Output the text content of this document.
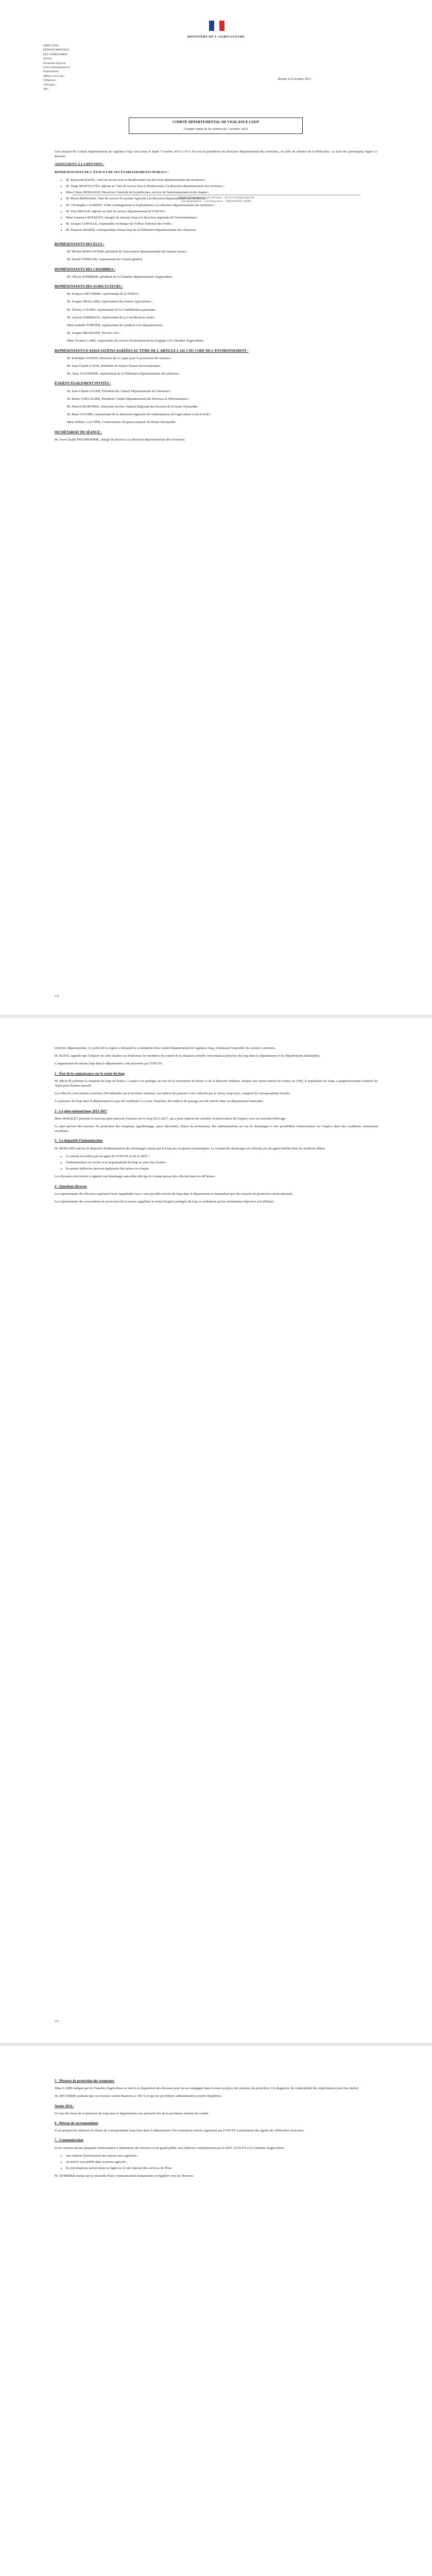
MINISTÈRE DE L'AGRICULTURE
DIRECTION
DÉPARTEMENTALE
DES TERRITOIRES
Service
Economie Agricole
Unité Aménagement et
Exploitations
Affaire suivie par :
Téléphone :
Télécopie :
Mél :
Rouen, le 8 octobre 2013
COMITÉ DÉPARTEMENTAL DE VIGILANCE LOUP
Compte-rendu de la réunion du 7 octobre 2013

Une réunion du Comité départemental de vigilance loup s'est tenue le lundi 7 octobre 2013 à 14 h 30 sous la présidence du directeur départemental des territoires, en salle de réunion de la Préfecture. La liste des participants figure ci-dessous.

ASSISTAIENT À LA RÉUNION :

REPRÉSENTANTS DE L'ÉTAT ET DE SES ÉTABLISSEMENTS PUBLICS :

• M. Raymond BAIOL, Chef du service Eau et Biodiversité à la direction départementale des territoires ;
• M. Serge MONTAUTIN, adjoint au Chef du service Eau et Biodiversité à la direction départementale des territoires ;
• Mme Claire DEMANGE, Directrice Générale de la préfecture, service de l'environnement et des risques ;
• M. Pierre BERNARD, Chef du service Economie Agricole à la direction départementale des territoires ;
• M. Christophe LAURENT, Unité Aménagement et Exploitations à la direction départementale des territoires ;
• M. Yves BRALIE, adjoint au chef du service départemental de l'ONCFS ;
• Mme Laurence BOSQUET, chargée de mission loup à la direction régionale de l'environnement ;
• M. Jacques LOPOLLE, responsable technique de l'Office National des Forêts ;
• M. François MARSE, correspondant réseau loup de la Fédération départementale des chasseurs.
Direction Départementale des Territoires – Service Economie Agricole
Cité administrative – 2 rue Saint-Sever – 76032 ROUEN CEDEX
REPRÉSENTANTS DES ÉLUS :

M. Michel BERNANTIER, président de l'association départementale des maires ruraux ;

M. Daniel FERRAND, représentant du Conseil général.

REPRÉSENTANTS DES CHAMBRES :

M. Olivier SOMMIER, président de la Chambre départementale d'agriculture.

REPRÉSENTANTS DES AGRICULTEURS :

M. François DECORME, représentant de la FDSEA ;

M. Jacques MOLLARD, représentant des Jeunes Agriculteurs ;

M. Thierry CAUSSE, représentant de la Confédération paysanne ;

M. Laurent EMMERAU, représentant de la Coordination rurale ;

Mme Isabelle PORTIER, représentant du syndicat ovin départemental ;

M. Jacques BRANLIER, éleveur ovin ;

Mme Yvonne LAMÉ, responsable du service Environnement-Ecologique à la Chambre d'agriculture.

REPRÉSENTANTS D'ASSOCIATIONS AGRÉÉES AU TITRE DE L'ARTICLE L 141-1 DU CODE DE L'ENVIRONNEMENT :

M. Rodolphe GOSSIN, Directeur de la Ligue pour la protection des oiseaux ;

M. Jean-Claude LOUIS, Président de France Nature Environnement ;

M. Alain NANTERRE, représentant de la Fédération départementale des pêcheurs.

ÉTAIENT ÉGALEMENT INVITÉS :

M. Jean-Claude LEGER, Président du Conseil Départemental de Chasseurs ;

M. Bruno CHEVALIER, Président Comité Départemental des Eleveurs et Sélectionneurs ;

M. Patrick MARTINEZ, Directeur du Parc Naturel Régional des Boucles de la Seine Normande ;

M. René VAUDRE, représentant de la Direction régionale de l'alimentation, de l'agriculture et de la forêt ;

Mme Hélène GAUTIER, Conservatoire d'espaces naturels de Haute-Normandie.

SECRÉTARIAT DE SÉANCE :

M. Jean-Claude PRUDHOMME, chargé de mission à la direction départementale des territoires.

1/5

territoire départemental. Le préfet de la région a demandé la constitution d'un comité départemental de vigilance loup, réunissant l'ensemble des acteurs concernés.

M. BAIOL rappelle que l'objectif de cette réunion est d'informer les membres du comité de la situation actuelle concernant la présence du loup dans le département et les départements limitrophes.

L'organisation du réseau loup dans le département a été présentée par l'ONCFS.

1 - État de la connaissance sur le statut du loup

M. BRALIE présente la situation du loup en France. L'espèce est protégée au titre de la convention de Berne et de la directive Habitats. Depuis son retour naturel en France en 1992, la population de loups a progressivement colonisé les Alpes puis d'autres massifs.

Les effectifs sont estimés à environ 250 individus sur le territoire national. Les indices de présence sont collectés par le réseau loup-lynx, composé de correspondants formés.

La présence du loup dans le département n'a pas été confirmée à ce jour. Toutefois, des indices de passage ont été relevés dans un département limitrophe.

2 - Le plan national loup 2013-2017

Mme BOSQUET présente le nouveau plan national d'actions sur le loup 2013-2017, qui a pour objectif de concilier la préservation de l'espèce avec les activités d'élevage.

Le plan prévoit des mesures de protection des troupeaux (gardiennage, parcs électrifiés, chiens de protection), des indemnisations en cas de dommages et des possibilités d'intervention sur l'espèce dans des conditions strictement encadrées.

3 - Le dispositif d'indemnisation

M. BERNARD précise le dispositif d'indemnisation des dommages causés par le loup aux troupeaux domestiques. Le constat des dommages est effectué par un agent habilité dans les meilleurs délais.

• le constat est réalisé par un agent de l'ONCFS ou de la DDT ;
• l'indemnisation est versée si la responsabilité du loup ne peut être écartée ;
• les pertes indirectes peuvent également être prises en compte.

Les éleveurs sont invités à signaler tout dommage sans délai afin que le constat puisse être effectué dans les 48 heures.

4 - Questions diverses

Les représentants des éleveurs expriment leurs inquiétudes face à une possible arrivée du loup dans le département et demandent que des moyens de protection soient anticipés.

Les représentants des associations de protection de la nature rappellent le statut d'espèce protégée du loup et souhaitent qu'une information objective soit diffusée.

2/5
5 - Mesures de protection des troupeaux

Mme LAMÉ indique que la Chambre d'agriculture se tient à la disposition des éleveurs pour les accompagner dans la mise en place des mesures de protection. Un diagnostic de vulnérabilité des exploitations peut être réalisé.

M. DECORME souhaite que ces mesures soient financées à 100 % et que les procédures administratives soient simplifiées.

Année 2014 :

Un état des lieux de la présence du loup dans le département sera présenté lors de la prochaine réunion du comité.

6 - Réseau de correspondants

Il est proposé de renforcer le réseau de correspondants loup-lynx dans le département. Des formations seront organisées par l'ONCFS à destination des agents des différentes structures.

7 - Communication

Il est convenu qu'une plaquette d'information à destination des éleveurs et du grand public sera élaborée conjointement par la DDT, l'ONCFS et la Chambre d'agriculture.

• une réunion d'information des maires sera organisée ;
• un article sera publié dans la presse agricole ;
• les informations seront mises en ligne sur le site internet des services de l'État.

M. SOMMIER insiste sur la nécessité d'une communication transparente et régulière vers les éleveurs.
